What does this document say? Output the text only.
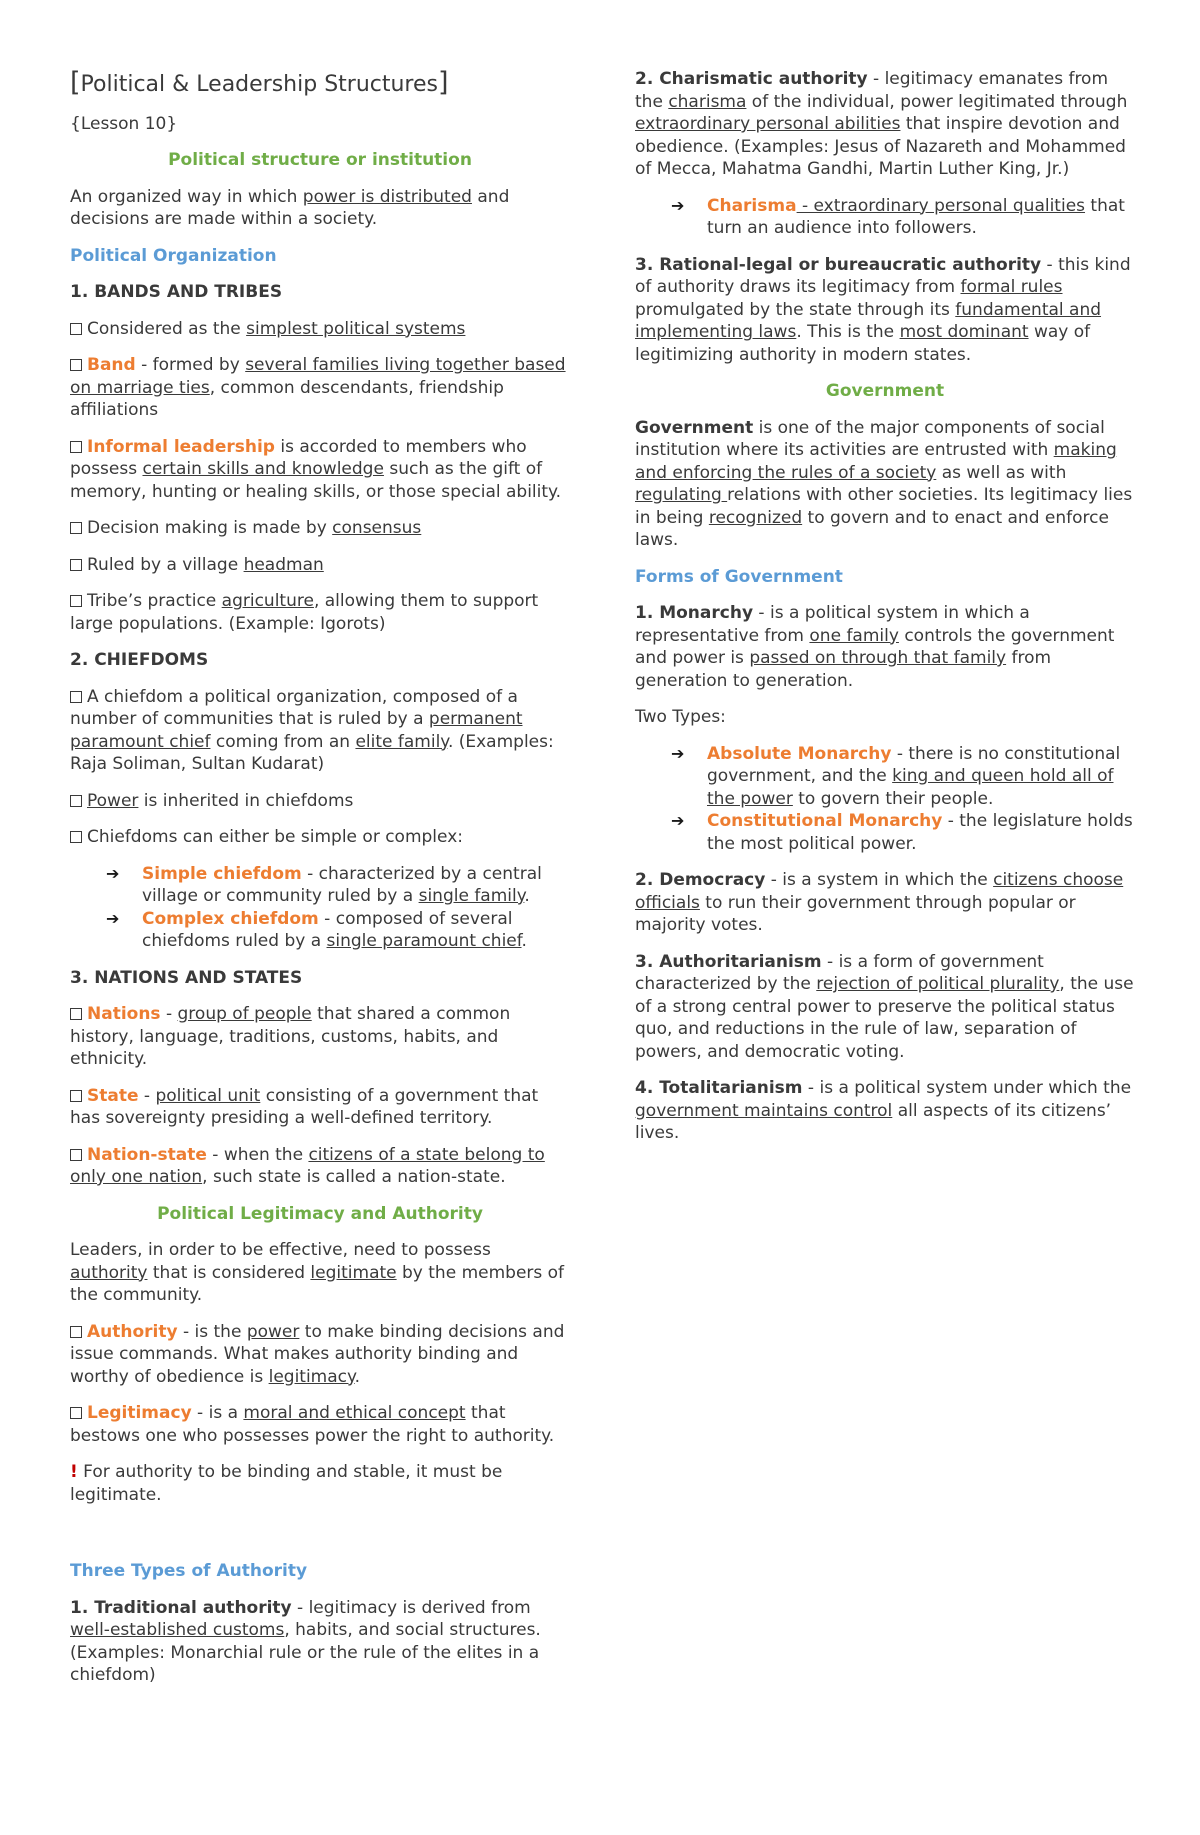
[Political & Leadership Structures]

{Lesson 10}

Political structure or institution

An organized way in which power is distributed and decisions are made within a society.

Political Organization

1. BANDS AND TRIBES

Considered as the simplest political systems

Band - formed by several families living together based on marriage ties, common descendants, friendship affiliations

Informal leadership is accorded to members who possess certain skills and knowledge such as the gift of memory, hunting or healing skills, or those special ability.

Decision making is made by consensus

Ruled by a village headman

Tribe’s practice agriculture, allowing them to support large populations. (Example: Igorots)

2. CHIEFDOMS

A chiefdom a political organization, composed of a number of communities that is ruled by a permanent paramount chief coming from an elite family. (Examples: Raja Soliman, Sultan Kudarat)

Power is inherited in chiefdoms

Chiefdoms can either be simple or complex:

➔ Simple chiefdom - characterized by a central village or community ruled by a single family.
➔ Complex chiefdom - composed of several chiefdoms ruled by a single paramount chief.

3. NATIONS AND STATES

Nations - group of people that shared a common history, language, traditions, customs, habits, and ethnicity.

State - political unit consisting of a government that has sovereignty presiding a well-defined territory.

Nation-state - when the citizens of a state belong to only one nation, such state is called a nation-state.

Political Legitimacy and Authority

Leaders, in order to be effective, need to possess authority that is considered legitimate by the members of the community.

Authority - is the power to make binding decisions and issue commands. What makes authority binding and worthy of obedience is legitimacy.

Legitimacy - is a moral and ethical concept that bestows one who possesses power the right to authority.

! For authority to be binding and stable, it must be legitimate.

Three Types of Authority

1. Traditional authority - legitimacy is derived from well-established customs, habits, and social structures. (Examples: Monarchial rule or the rule of the elites in a chiefdom)

2. Charismatic authority - legitimacy emanates from the charisma of the individual, power legitimated through extraordinary personal abilities that inspire devotion and obedience. (Examples: Jesus of Nazareth and Mohammed of Mecca, Mahatma Gandhi, Martin Luther King, Jr.)

➔ Charisma - extraordinary personal qualities that turn an audience into followers.

3. Rational-legal or bureaucratic authority - this kind of authority draws its legitimacy from formal rules promulgated by the state through its fundamental and implementing laws. This is the most dominant way of legitimizing authority in modern states.

Government

Government is one of the major components of social institution where its activities are entrusted with making and enforcing the rules of a society as well as with regulating relations with other societies. Its legitimacy lies in being recognized to govern and to enact and enforce laws.

Forms of Government

1. Monarchy - is a political system in which a representative from one family controls the government and power is passed on through that family from generation to generation.

Two Types:

➔ Absolute Monarchy - there is no constitutional government, and the king and queen hold all of the power to govern their people.
➔ Constitutional Monarchy - the legislature holds the most political power.

2. Democracy - is a system in which the citizens choose officials to run their government through popular or majority votes.

3. Authoritarianism - is a form of government characterized by the rejection of political plurality, the use of a strong central power to preserve the political status quo, and reductions in the rule of law, separation of powers, and democratic voting.

4. Totalitarianism - is a political system under which the government maintains control all aspects of its citizens’ lives.
